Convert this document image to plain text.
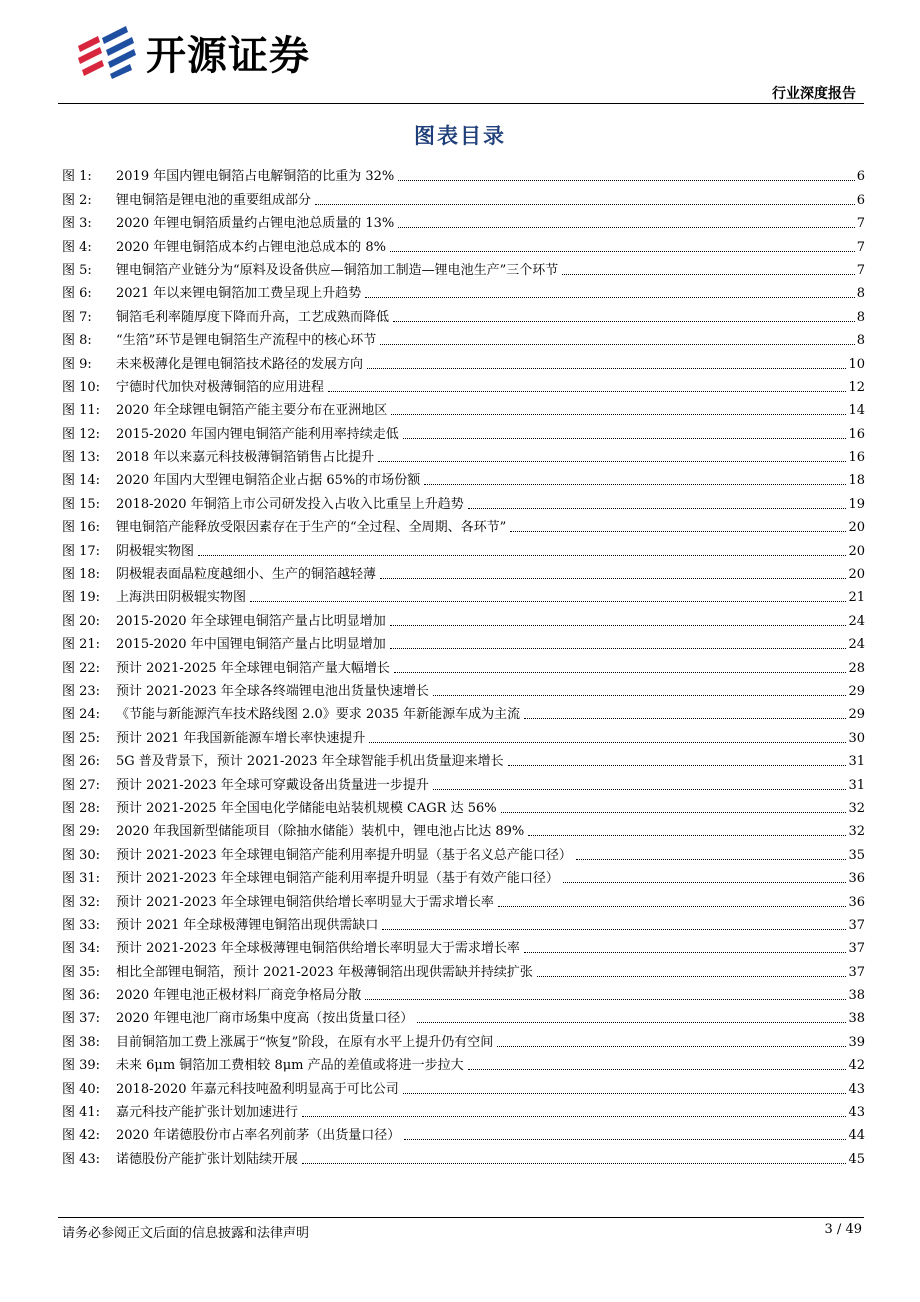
开源证券
行业深度报告
图表目录
图 1:	2019 年国内锂电铜箔占电解铜箔的比重为 32%	6
图 2:	锂电铜箔是锂电池的重要组成部分	6
图 3:	2020 年锂电铜箔质量约占锂电池总质量的 13%	7
图 4:	2020 年锂电铜箔成本约占锂电池总成本的 8%	7
图 5:	锂电铜箔产业链分为“原料及设备供应—铜箔加工制造—锂电池生产”三个环节	7
图 6:	2021 年以来锂电铜箔加工费呈现上升趋势	8
图 7:	铜箔毛利率随厚度下降而升高，工艺成熟而降低	8
图 8:	“生箔”环节是锂电铜箔生产流程中的核心环节	8
图 9:	未来极薄化是锂电铜箔技术路径的发展方向	10
图 10:	宁德时代加快对极薄铜箔的应用进程	12
图 11:	2020 年全球锂电铜箔产能主要分布在亚洲地区	14
图 12:	2015-2020 年国内锂电铜箔产能利用率持续走低	16
图 13:	2018 年以来嘉元科技极薄铜箔销售占比提升	16
图 14:	2020 年国内大型锂电铜箔企业占据 65%的市场份额	18
图 15:	2018-2020 年铜箔上市公司研发投入占收入比重呈上升趋势	19
图 16:	锂电铜箔产能释放受限因素存在于生产的“全过程、全周期、各环节”	20
图 17:	阴极辊实物图	20
图 18:	阴极辊表面晶粒度越细小、生产的铜箔越轻薄	20
图 19:	上海洪田阴极辊实物图	21
图 20:	2015-2020 年全球锂电铜箔产量占比明显增加	24
图 21:	2015-2020 年中国锂电铜箔产量占比明显增加	24
图 22:	预计 2021-2025 年全球锂电铜箔产量大幅增长	28
图 23:	预计 2021-2023 年全球各终端锂电池出货量快速增长	29
图 24:	《节能与新能源汽车技术路线图 2.0》要求 2035 年新能源车成为主流	29
图 25:	预计 2021 年我国新能源车增长率快速提升	30
图 26:	5G 普及背景下，预计 2021-2023 年全球智能手机出货量迎来增长	31
图 27:	预计 2021-2023 年全球可穿戴设备出货量进一步提升	31
图 28:	预计 2021-2025 年全国电化学储能电站装机规模 CAGR 达 56%	32
图 29:	2020 年我国新型储能项目（除抽水储能）装机中，锂电池占比达 89%	32
图 30:	预计 2021-2023 年全球锂电铜箔产能利用率提升明显（基于名义总产能口径）	35
图 31:	预计 2021-2023 年全球锂电铜箔产能利用率提升明显（基于有效产能口径）	36
图 32:	预计 2021-2023 年全球锂电铜箔供给增长率明显大于需求增长率	36
图 33:	预计 2021 年全球极薄锂电铜箔出现供需缺口	37
图 34:	预计 2021-2023 年全球极薄锂电铜箔供给增长率明显大于需求增长率	37
图 35:	相比全部锂电铜箔，预计 2021-2023 年极薄铜箔出现供需缺并持续扩张	37
图 36:	2020 年锂电池正极材料厂商竞争格局分散	38
图 37:	2020 年锂电池厂商市场集中度高（按出货量口径）	38
图 38:	目前铜箔加工费上涨属于“恢复”阶段，在原有水平上提升仍有空间	39
图 39:	未来 6μm 铜箔加工费相较 8μm 产品的差值或将进一步拉大	42
图 40:	2018-2020 年嘉元科技吨盈利明显高于可比公司	43
图 41:	嘉元科技产能扩张计划加速进行	43
图 42:	2020 年诺德股份市占率名列前茅（出货量口径）	44
图 43:	诺德股份产能扩张计划陆续开展	45
请务必参阅正文后面的信息披露和法律声明	3 / 49
